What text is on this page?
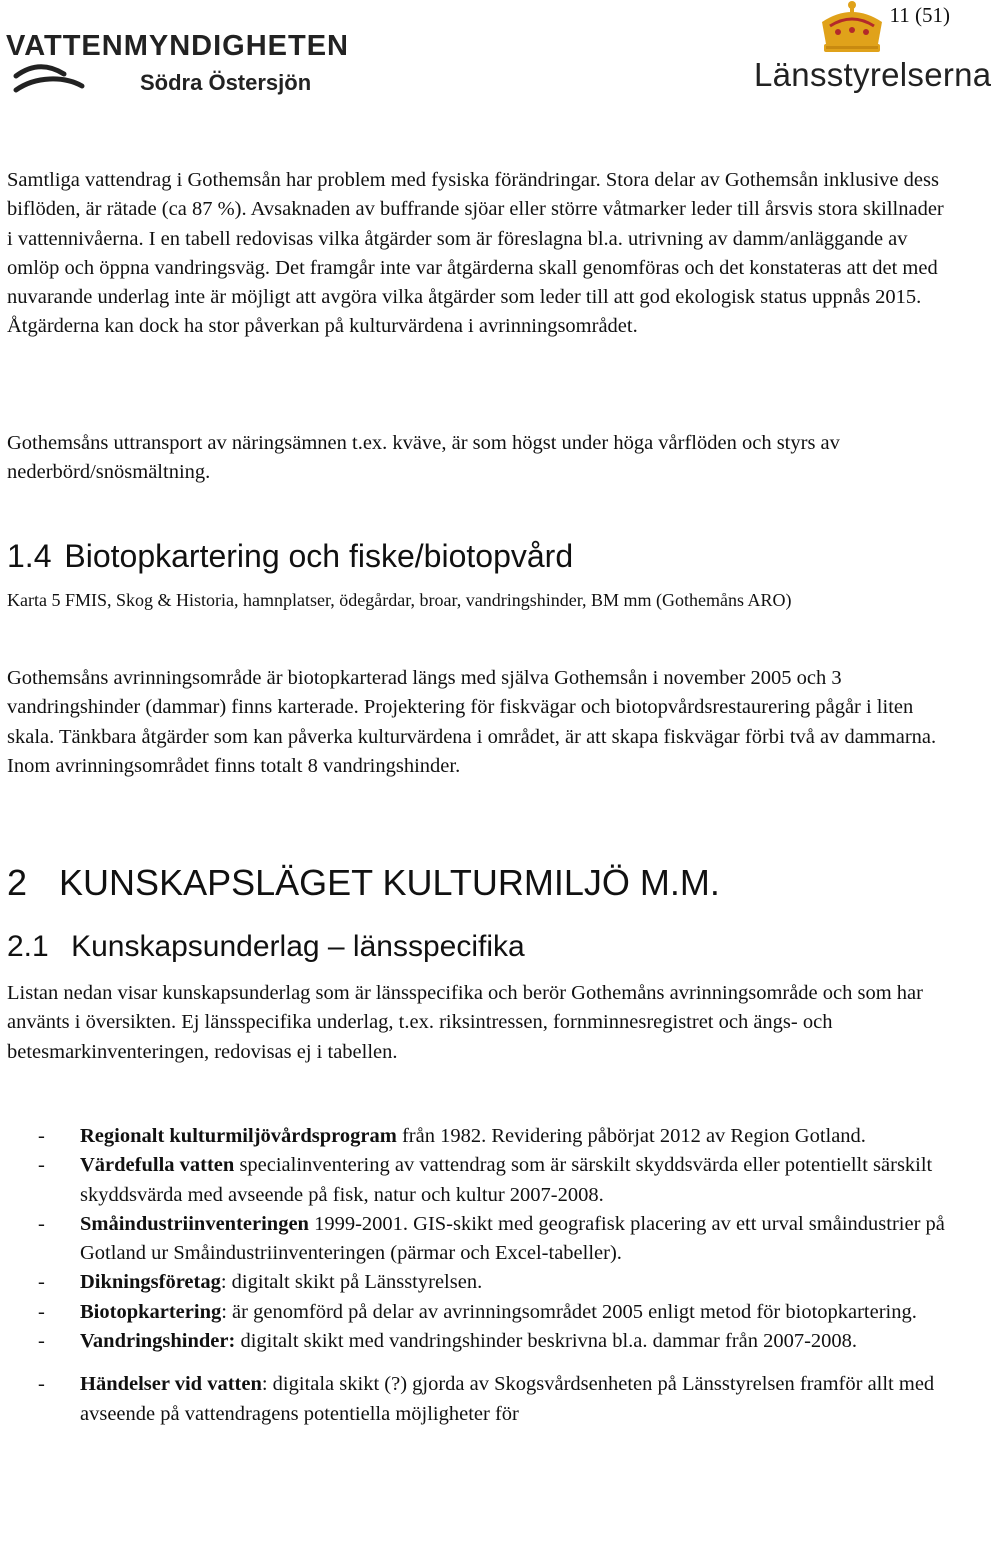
11 (51)
VATTENMYNDIGHETEN
Södra Östersjön	Länsstyrelserna

Samtliga vattendrag i Gothemsån har problem med fysiska förändringar. Stora delar av Gothemsån inklusive dess biflöden, är rätade (ca 87 %). Avsaknaden av buffrande sjöar eller större våtmarker leder till årsvis stora skillnader i vattennivåerna. I en tabell redovisas vilka åtgärder som är föreslagna bl.a. utrivning av damm/anläggande av omlöp och öppna vandringsväg. Det framgår inte var åtgärderna skall genomföras och det konstateras att det med nuvarande underlag inte är möjligt att avgöra vilka åtgärder som leder till att god ekologisk status uppnås 2015. Åtgärderna kan dock ha stor påverkan på kulturvärdena i avrinningsområdet.

Gothemsåns uttransport av näringsämnen t.ex. kväve, är som högst under höga vårflöden och styrs av nederbörd/snösmältning.

1.4 Biotopkartering och fiske/biotopvård

Karta 5 FMIS, Skog & Historia, hamnplatser, ödegårdar, broar, vandringshinder, BM mm (Gothemåns ARO)

Gothemsåns avrinningsområde är biotopkarterad längs med själva Gothemsån i november 2005 och 3 vandringshinder (dammar) finns karterade. Projektering för fiskvägar och biotopvårdsrestaurering pågår i liten skala. Tänkbara åtgärder som kan påverka kulturvärdena i området, är att skapa fiskvägar förbi två av dammarna. Inom avrinningsområdet finns totalt 8 vandringshinder.

2 KUNSKAPSLÄGET KULTURMILJÖ M.M.
2.1 Kunskapsunderlag – länsspecifika

Listan nedan visar kunskapsunderlag som är länsspecifika och berör Gothemåns avrinningsområde och som har använts i översikten. Ej länsspecifika underlag, t.ex. riksintressen, fornminnesregistret och ängs- och betesmarkinventeringen, redovisas ej i tabellen.

- Regionalt kulturmiljövårdsprogram från 1982. Revidering påbörjat 2012 av Region Gotland.
- Värdefulla vatten specialinventering av vattendrag som är särskilt skyddsvärda eller potentiellt särskilt skyddsvärda med avseende på fisk, natur och kultur 2007-2008.
- Småindustriinventeringen 1999-2001. GIS-skikt med geografisk placering av ett urval småindustrier på Gotland ur Småindustriinventeringen (pärmar och Excel-tabeller).
- Dikningsföretag: digitalt skikt på Länsstyrelsen.
- Biotopkartering: är genomförd på delar av avrinningsområdet 2005 enligt metod för biotopkartering.
- Vandringshinder: digitalt skikt med vandringshinder beskrivna bl.a. dammar från 2007-2008.
- Händelser vid vatten: digitala skikt (?) gjorda av Skogsvårdsenheten på Länsstyrelsen framför allt med avseende på vattendragens potentiella möjligheter för
